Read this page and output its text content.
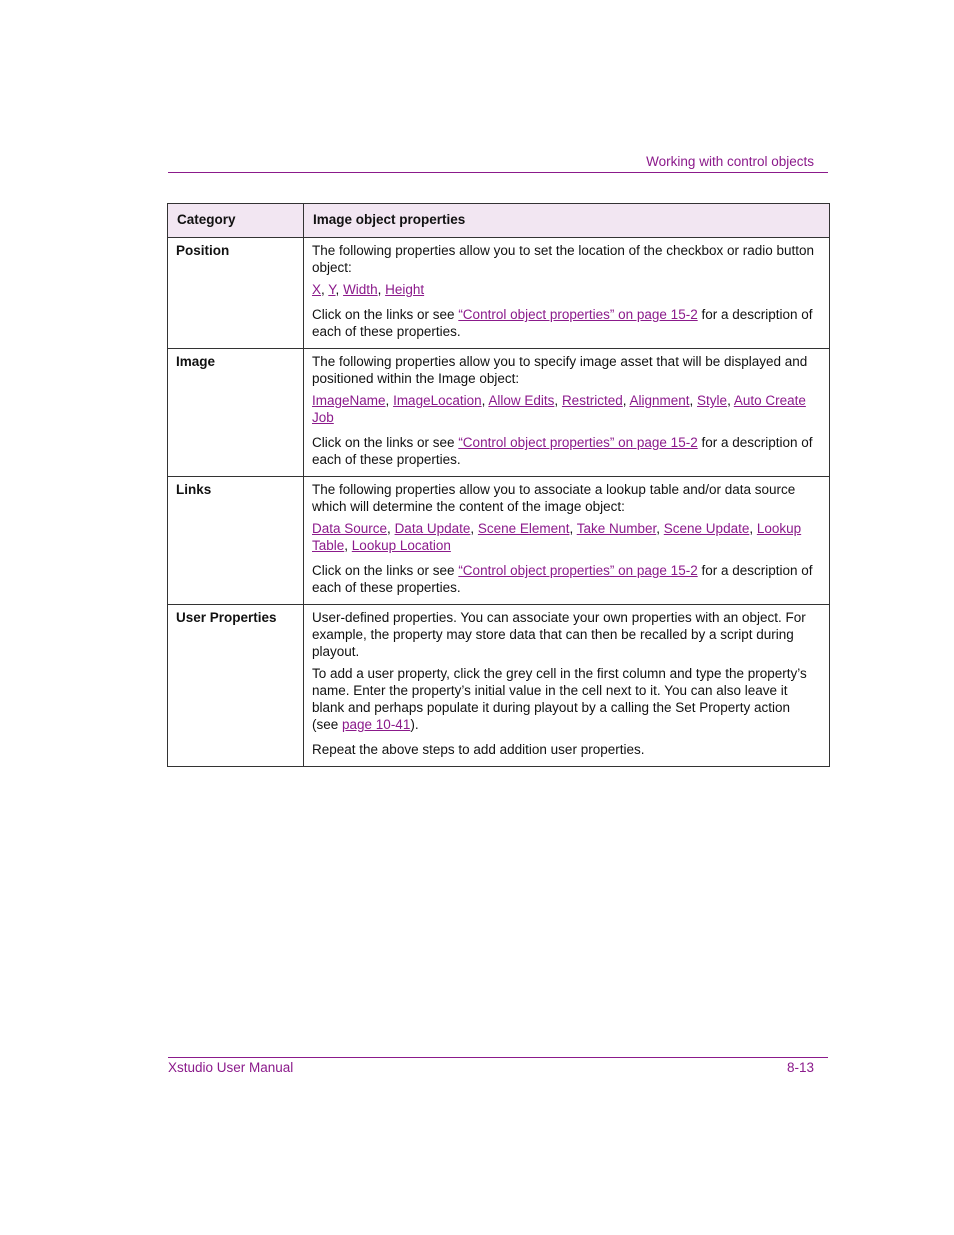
Working with control objects
Category	Image object properties
Position	The following properties allow you to set the location of the checkbox or radio button object:

X, Y, Width, Height

Click on the links or see “Control object properties” on page 15-2 for a description of each of these properties.

Image	The following properties allow you to specify image asset that will be displayed and positioned within the Image object:

ImageName, ImageLocation, Allow Edits, Restricted, Alignment, Style, Auto Create Job

Click on the links or see “Control object properties” on page 15-2 for a description of each of these properties.

Links	The following properties allow you to associate a lookup table and/or data source which will determine the content of the image object:

Data Source, Data Update, Scene Element, Take Number, Scene Update, Lookup Table, Lookup Location

Click on the links or see “Control object properties” on page 15-2 for a description of each of these properties.

User Properties	User-defined properties. You can associate your own properties with an object. For example, the property may store data that can then be recalled by a script during playout.

To add a user property, click the grey cell in the first column and type the property’s name. Enter the property’s initial value in the cell next to it. You can also leave it blank and perhaps populate it during playout by a calling the Set Property action (see page 10-41).

Repeat the above steps to add addition user properties.

Xstudio User Manual	8-13
